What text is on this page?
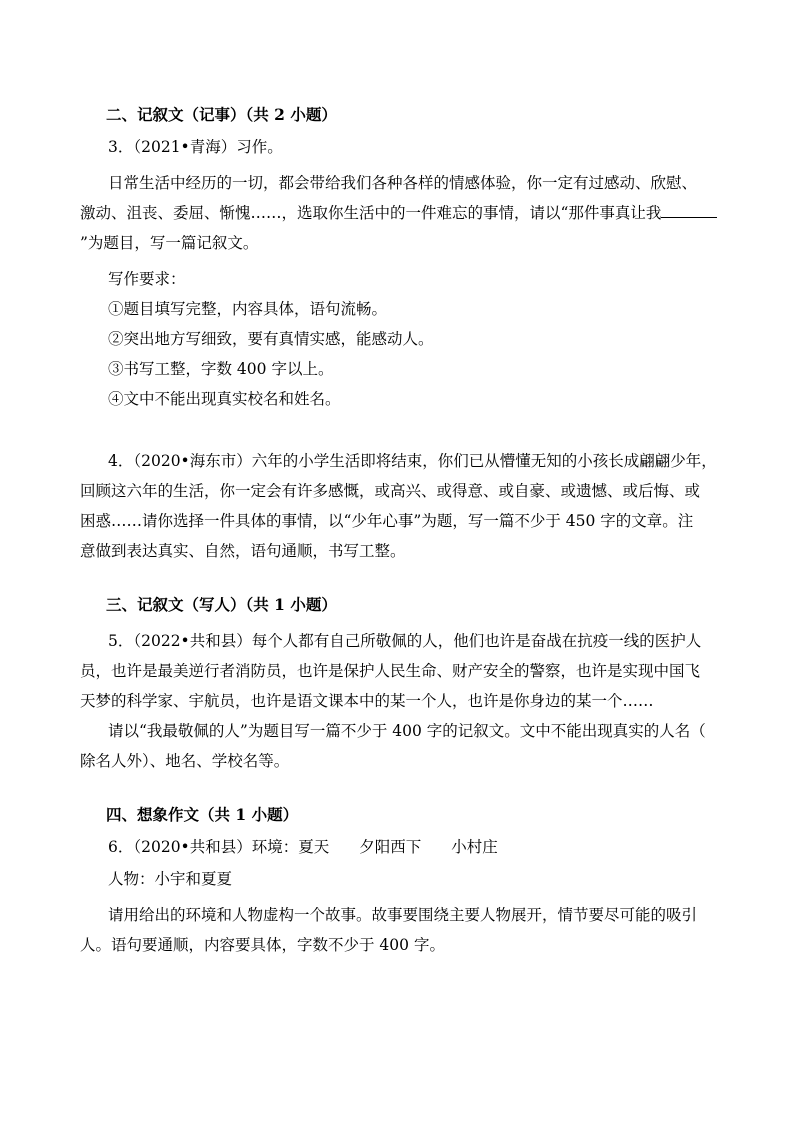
二、记叙文（记事）（共 2 小题）

3．（2021•青海）习作。

日常生活中经历的一切，都会带给我们各种各样的情感体验，你一定有过感动、欣慰、

激动、沮丧、委屈、惭愧……，选取你生活中的一件难忘的事情，请以“那件事真让我

”为题目，写一篇记叙文。

写作要求：

①题目填写完整，内容具体，语句流畅。

②突出地方写细致，要有真情实感，能感动人。

③书写工整，字数 400 字以上。

④文中不能出现真实校名和姓名。

4．（2020•海东市）六年的小学生活即将结束，你们已从懵懂无知的小孩长成翩翩少年，

回顾这六年的生活，你一定会有许多感慨，或高兴、或得意、或自豪、或遗憾、或后悔、或

困惑……请你选择一件具体的事情，以“少年心事”为题，写一篇不少于 450 字的文章。注

意做到表达真实、自然，语句通顺，书写工整。

三、记叙文（写人）（共 1 小题）

5．（2022•共和县）每个人都有自己所敬佩的人，他们也许是奋战在抗疫一线的医护人

员，也许是最美逆行者消防员，也许是保护人民生命、财产安全的警察，也许是实现中国飞

天梦的科学家、宇航员，也许是语文课本中的某一个人，也许是你身边的某一个……

请以“我最敬佩的人”为题目写一篇不少于 400 字的记叙文。文中不能出现真实的人名（

除名人外）、地名、学校名等。

四、想象作文（共 1 小题）

6．（2020•共和县）环境：夏天 夕阳西下 小村庄

人物：小宇和夏夏

请用给出的环境和人物虚构一个故事。故事要围绕主要人物展开，情节要尽可能的吸引

人。语句要通顺，内容要具体，字数不少于 400 字。
